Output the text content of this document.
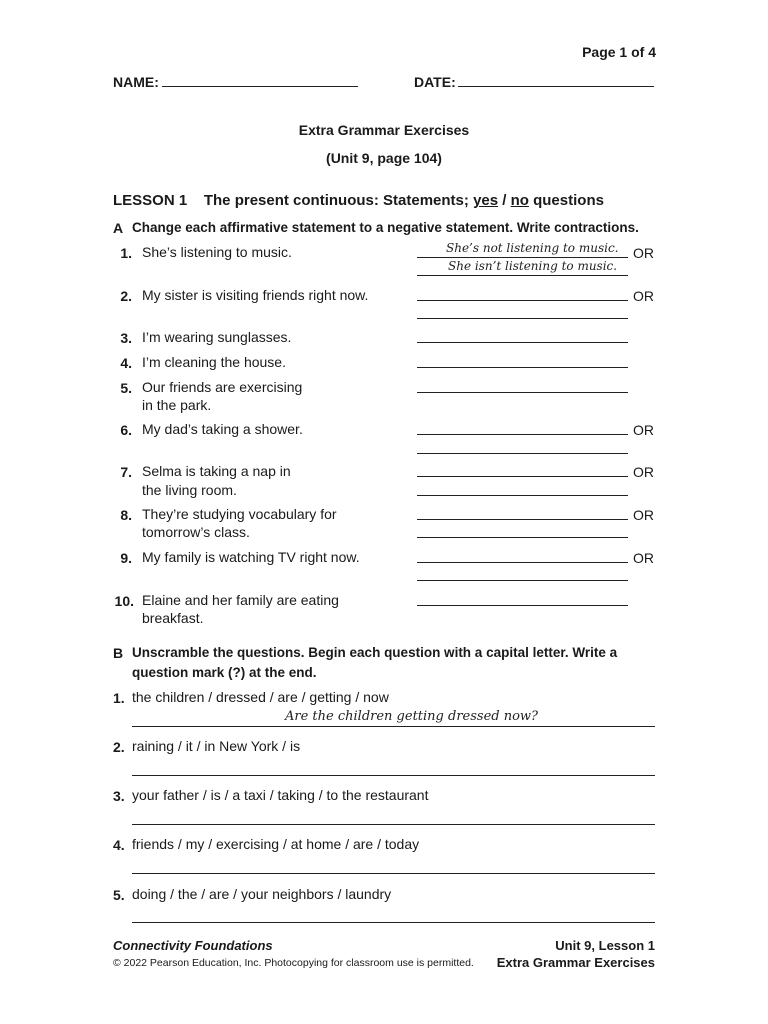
Page 1 of 4
NAME:	DATE:
Extra Grammar Exercises
(Unit 9, page 104)
LESSON 1 The present continuous: Statements; yes / no questions
A Change each affirmative statement to a negative statement. Write contractions.
1. She’s listening to music.	She’s not listening to music. OR
She isn’t listening to music.
2. My sister is visiting friends right now.	OR
3. I’m wearing sunglasses.
4. I’m cleaning the house.
5. Our friends are exercising
in the park.
6. My dad’s taking a shower.	OR
7. Selma is taking a nap in
the living room.
OR
8. They’re studying vocabulary for
tomorrow’s class.
OR
9. My family is watching TV right now.	OR
10. Elaine and her family are eating
breakfast.
B Unscramble the questions. Begin each question with a capital letter. Write a
question mark (?) at the end.
1. the children / dressed / are / getting / now
Are the children getting dressed now?
2. raining / it / in New York / is
3. your father / is / a taxi / taking / to the restaurant
4. friends / my / exercising / at home / are / today
5. doing / the / are / your neighbors / laundry
Connectivity Foundations
© 2022 Pearson Education, Inc. Photocopying for classroom use is permitted.
Unit 9, Lesson 1
Extra Grammar Exercises
